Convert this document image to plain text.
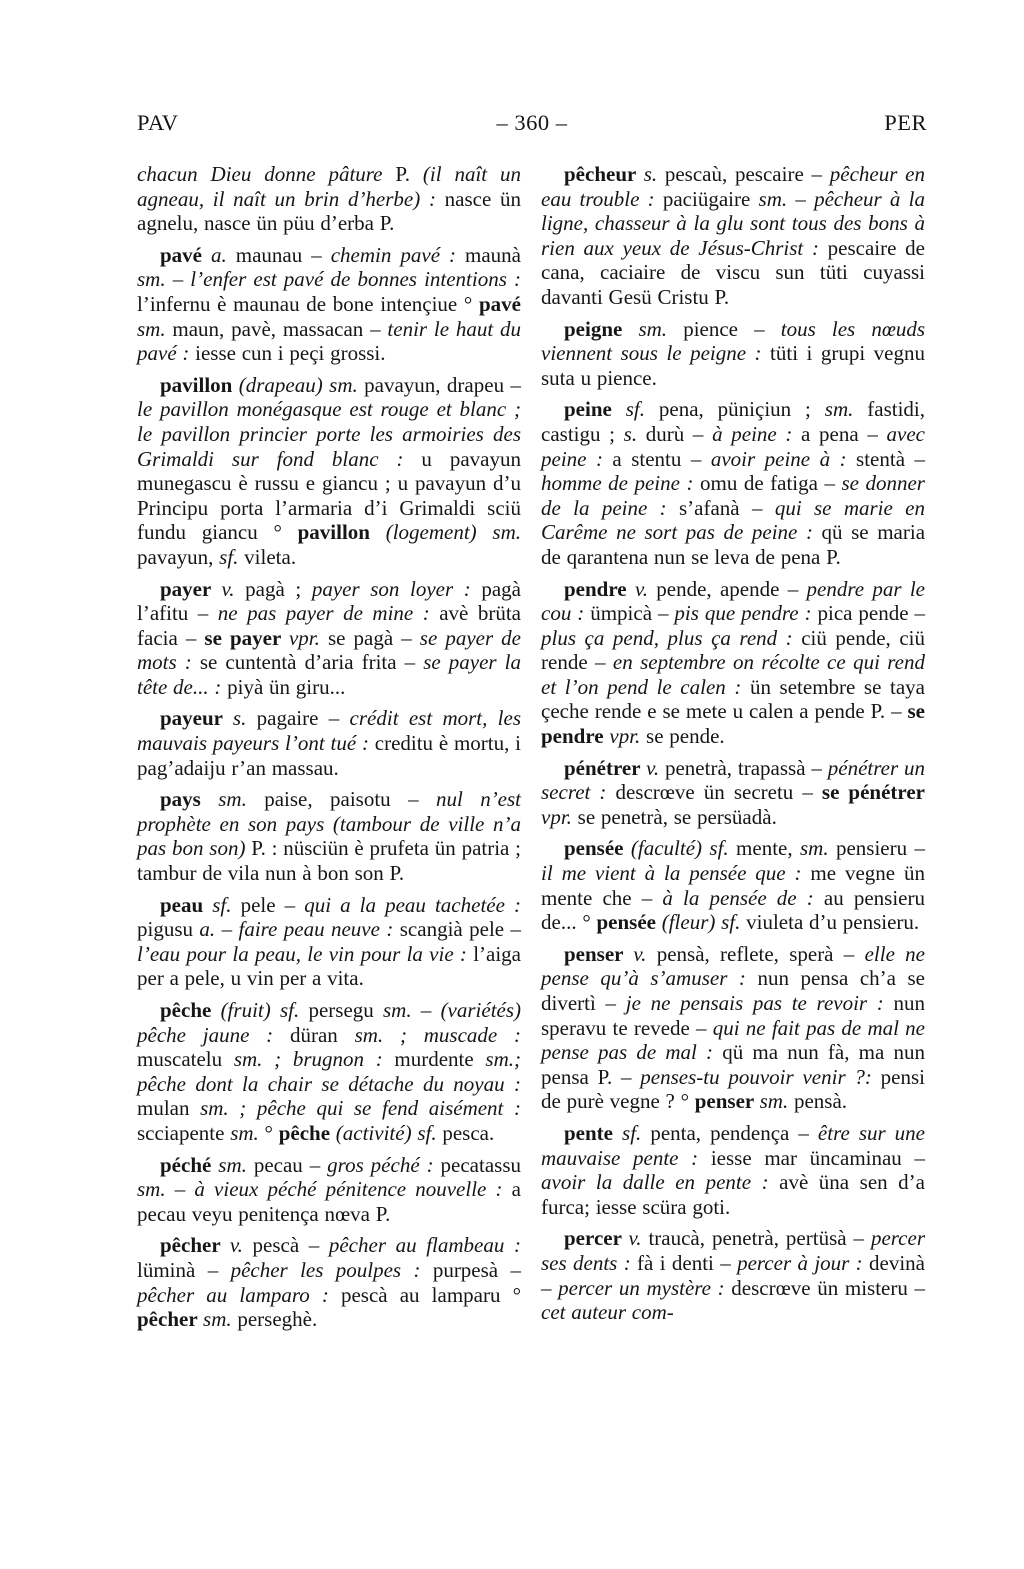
PAV	– 360 –	PER

chacun Dieu donne pâture P. (il naît un agneau, il naît un brin d’herbe) : nasce ün agnelu, nasce ün püu d’erba P.

pavé a. maunau – chemin pavé : maunà sm. – l’enfer est pavé de bonnes intentions : l’infernu è maunau de bone intençiue ° pavé sm. maun, pavè, massacan – tenir le haut du pavé : iesse cun i peçi grossi.

pavillon (drapeau) sm. pavayun, drapeu – le pavillon monégasque est rouge et blanc ; le pavillon princier porte les armoiries des Grimaldi sur fond blanc : u pavayun munegascu è russu e giancu ; u pavayun d’u Principu porta l’armaria d’i Grimaldi sciü fundu giancu ° pavillon (logement) sm. pavayun, sf. vileta.

payer v. pagà ; payer son loyer : pagà l’afitu – ne pas payer de mine : avè brüta facia – se payer vpr. se pagà – se payer de mots : se cuntentà d’aria frita – se payer la tête de... : piyà ün giru...

payeur s. pagaire – crédit est mort, les mauvais payeurs l’ont tué : creditu è mortu, i pag’adaiju r’an massau.

pays sm. paise, paisotu – nul n’est prophète en son pays (tambour de ville n’a pas bon son) P. : nüsciün è prufeta ün patria ; tambur de vila nun à bon son P.

peau sf. pele – qui a la peau tachetée : pigusu a. – faire peau neuve : scangià pele – l’eau pour la peau, le vin pour la vie : l’aiga per a pele, u vin per a vita.

pêche (fruit) sf. persegu sm. – (variétés) pêche jaune : düran sm. ; muscade : muscatelu sm. ; brugnon : murdente sm.; pêche dont la chair se détache du noyau : mulan sm. ; pêche qui se fend aisément : scciapente sm. ° pêche (activité) sf. pesca.

péché sm. pecau – gros péché : pecatassu sm. – à vieux péché pénitence nouvelle : a pecau veyu penitença nœva P.

pêcher v. pescà – pêcher au flambeau : lüminà – pêcher les poulpes : purpesà – pêcher au lamparo : pescà au lamparu ° pêcher sm. perseghè.

pêcheur s. pescaù, pescaire – pêcheur en eau trouble : paciügaire sm. – pêcheur à la ligne, chasseur à la glu sont tous des bons à rien aux yeux de Jésus-Christ : pescaire de cana, caciaire de viscu sun tüti cuyassi davanti Gesü Cristu P.

peigne sm. pience – tous les nœuds viennent sous le peigne : tüti i grupi vegnu suta u pience.

peine sf. pena, püniçiun ; sm. fastidi, castigu ; s. durù – à peine : a pena – avec peine : a stentu – avoir peine à : stentà – homme de peine : omu de fatiga – se donner de la peine : s’afanà – qui se marie en Carême ne sort pas de peine : qü se maria de qarantena nun se leva de pena P.

pendre v. pende, apende – pendre par le cou : ümpicà – pis que pendre : pica pende – plus ça pend, plus ça rend : ciü pende, ciü rende – en septembre on récolte ce qui rend et l’on pend le calen : ün setembre se taya çeche rende e se mete u calen a pende P. – se pendre vpr. se pende.

pénétrer v. penetrà, trapassà – pénétrer un secret : descrœve ün secretu – se pénétrer vpr. se penetrà, se persüadà.

pensée (faculté) sf. mente, sm. pensieru – il me vient à la pensée que : me vegne ün mente che – à la pensée de : au pensieru de... ° pensée (fleur) sf. viuleta d’u pensieru.

penser v. pensà, reflete, sperà – elle ne pense qu’à s’amuser : nun pensa ch’a se divertì – je ne pensais pas te revoir : nun speravu te revede – qui ne fait pas de mal ne pense pas de mal : qü ma nun fà, ma nun pensa P. – penses-tu pouvoir venir ?: pensi de purè vegne ? ° penser sm. pensà.

pente sf. penta, pendença – être sur une mauvaise pente : iesse mar üncaminau – avoir la dalle en pente : avè üna sen d’a furca; iesse scüra goti.

percer v. traucà, penetrà, pertüsà – percer ses dents : fà i denti – percer à jour : devinà – percer un mystère : descrœve ün misteru – cet auteur com-
